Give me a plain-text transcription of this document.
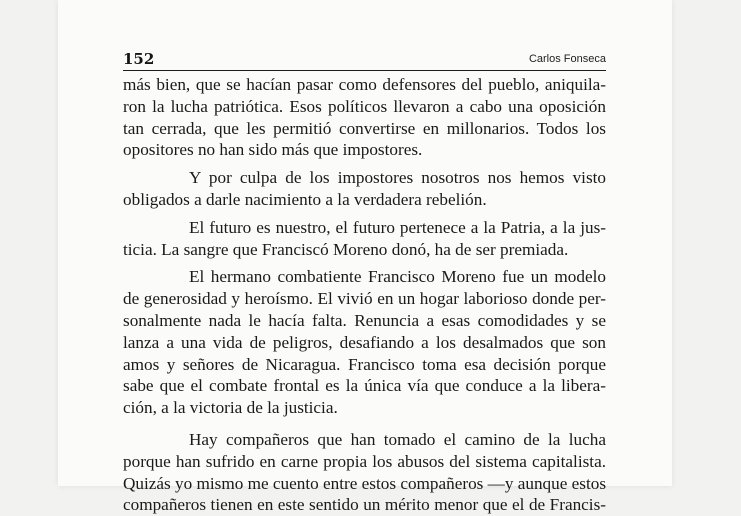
152	Carlos Fonseca
más bien, que se hacían pasar como defensores del pueblo, aniquila-
ron la lucha patriótica. Esos políticos llevaron a cabo una oposición
tan cerrada, que les permitió convertirse en millonarios. Todos los
opositores no han sido más que impostores.
Y por culpa de los impostores nosotros nos hemos visto
obligados a darle nacimiento a la verdadera rebelión.
El futuro es nuestro, el futuro pertenece a la Patria, a la jus-
ticia. La sangre que Franciscó Moreno donó, ha de ser premiada.
El hermano combatiente Francisco Moreno fue un modelo
de generosidad y heroísmo. El vivió en un hogar laborioso donde per-
sonalmente nada le hacía falta. Renuncia a esas comodidades y se
lanza a una vida de peligros, desafiando a los desalmados que son
amos y señores de Nicaragua. Francisco toma esa decisión porque
sabe que el combate frontal es la única vía que conduce a la libera-
ción, a la victoria de la justicia.
Hay compañeros que han tomado el camino de la lucha
porque han sufrido en carne propia los abusos del sistema capitalista.
Quizás yo mismo me cuento entre estos compañeros —y aunque estos
compañeros tienen en este sentido un mérito menor que el de Francis-
